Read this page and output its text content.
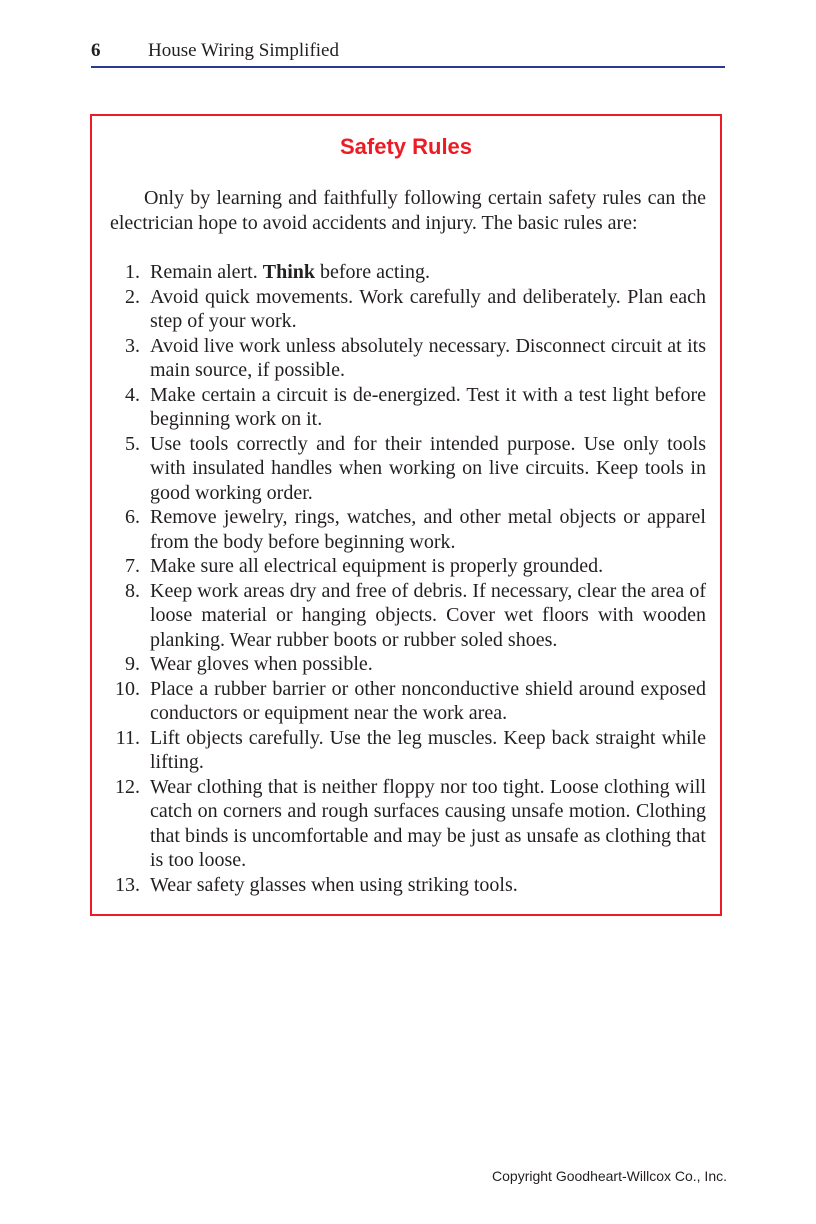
6	House Wiring Simplified
Safety Rules

Only by learning and faithfully following certain safety rules can the electrician hope to avoid accidents and injury. The basic rules are:

1. Remain alert. Think before acting.
2. Avoid quick movements. Work carefully and deliberately. Plan each step of your work.
3. Avoid live work unless absolutely necessary. Disconnect circuit at its main source, if possible.
4. Make certain a circuit is de-energized. Test it with a test light before beginning work on it.
5. Use tools correctly and for their intended purpose. Use only tools with insulated handles when working on live circuits. Keep tools in good working order.
6. Remove jewelry, rings, watches, and other metal objects or apparel from the body before beginning work.
7. Make sure all electrical equipment is properly grounded.
8. Keep work areas dry and free of debris. If necessary, clear the area of loose material or hanging objects. Cover wet floors with wooden planking. Wear rubber boots or rubber soled shoes.
9. Wear gloves when possible.
10. Place a rubber barrier or other nonconductive shield around exposed conductors or equipment near the work area.
11. Lift objects carefully. Use the leg muscles. Keep back straight while lifting.
12. Wear clothing that is neither floppy nor too tight. Loose clothing will catch on corners and rough surfaces causing unsafe motion. Clothing that binds is uncomfortable and may be just as unsafe as clothing that is too loose.
13. Wear safety glasses when using striking tools.
Copyright Goodheart-Willcox Co., Inc.
